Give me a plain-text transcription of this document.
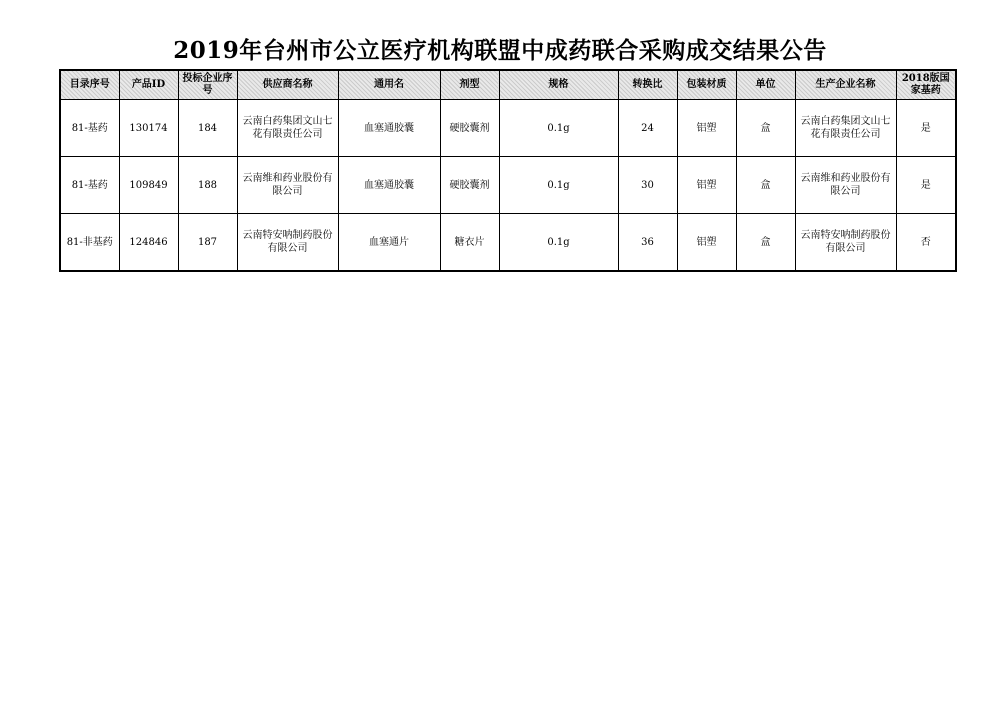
2019年台州市公立医疗机构联盟中成药联合采购成交结果公告
目录序号	产品ID	投标企业序号	供应商名称	通用名	剂型	规格	转换比	包装材质	单位	生产企业名称	2018版国家基药
81-基药	130174	184	云南白药集团文山七花有限责任公司	血塞通胶囊	硬胶囊剂	0.1g	24	铝塑	盒	云南白药集团文山七花有限责任公司	是
81-基药	109849	188	云南维和药业股份有限公司	血塞通胶囊	硬胶囊剂	0.1g	30	铝塑	盒	云南维和药业股份有限公司	是
81-非基药	124846	187	云南特安呐制药股份有限公司	血塞通片	糖衣片	0.1g	36	铝塑	盒	云南特安呐制药股份有限公司	否
